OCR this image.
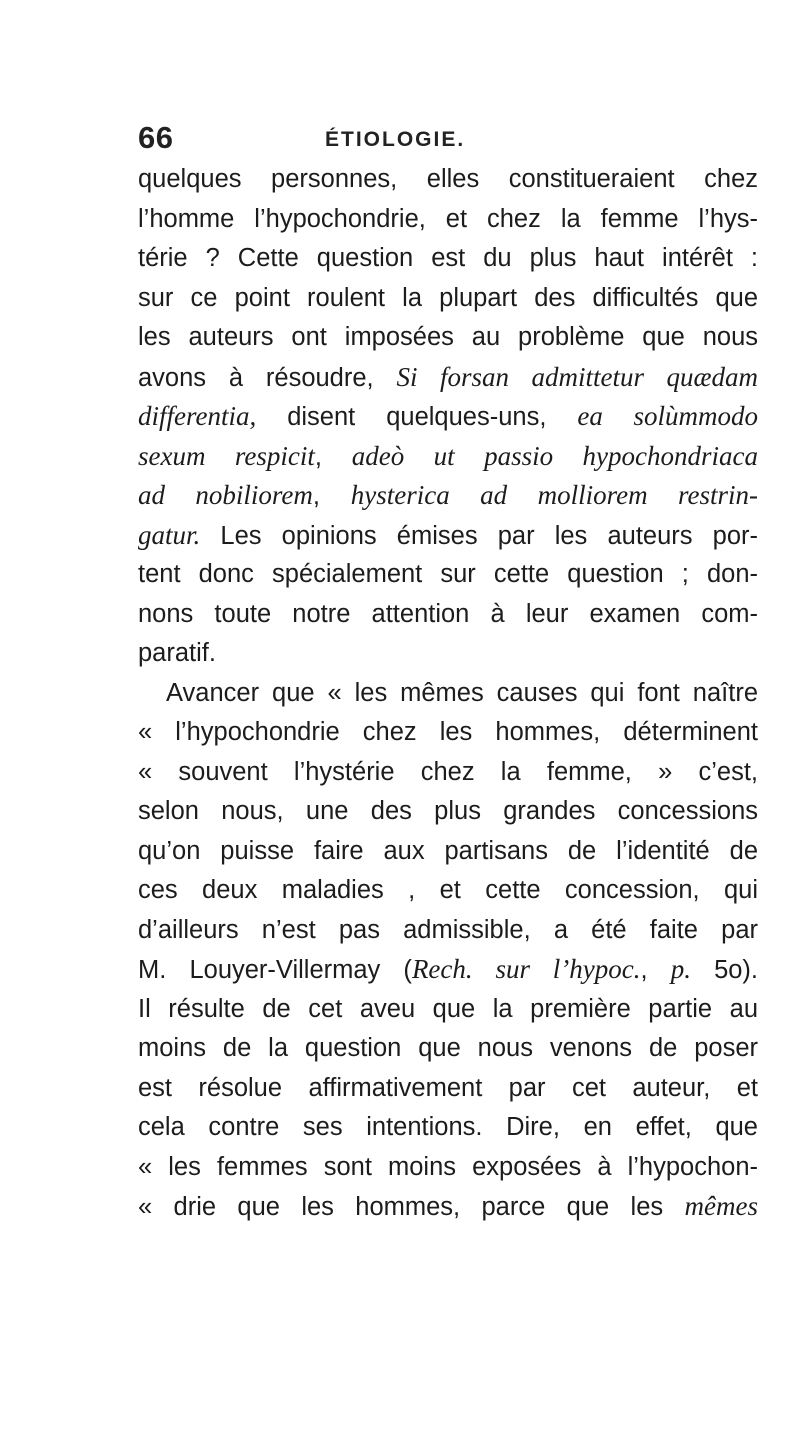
66	ÉTIOLOGIE.
quelques personnes, elles constitueraient chez
l’homme l’hypochondrie, et chez la femme l’hys-
térie ? Cette question est du plus haut intérêt :
sur ce point roulent la plupart des difficultés que
les auteurs ont imposées au problème que nous
avons à résoudre, Si forsan admittetur quædam
differentia, disent quelques-uns, ea solùmmodo
sexum respicit, adeò ut passio hypochondriaca
ad nobiliorem, hysterica ad molliorem restrin-
gatur. Les opinions émises par les auteurs por-
tent donc spécialement sur cette question ; don-
nons toute notre attention à leur examen com-
paratif.
Avancer que « les mêmes causes qui font naître
« l’hypochondrie chez les hommes, déterminent
« souvent l’hystérie chez la femme, » c’est,
selon nous, une des plus grandes concessions
qu’on puisse faire aux partisans de l’identité de
ces deux maladies , et cette concession, qui
d’ailleurs n’est pas admissible, a été faite par
M. Louyer-Villermay (Rech. sur l’hypoc., p. 5o).
Il résulte de cet aveu que la première partie au
moins de la question que nous venons de poser
est résolue affirmativement par cet auteur, et
cela contre ses intentions. Dire, en effet, que
« les femmes sont moins exposées à l’hypochon-
« drie que les hommes, parce que les mêmes
